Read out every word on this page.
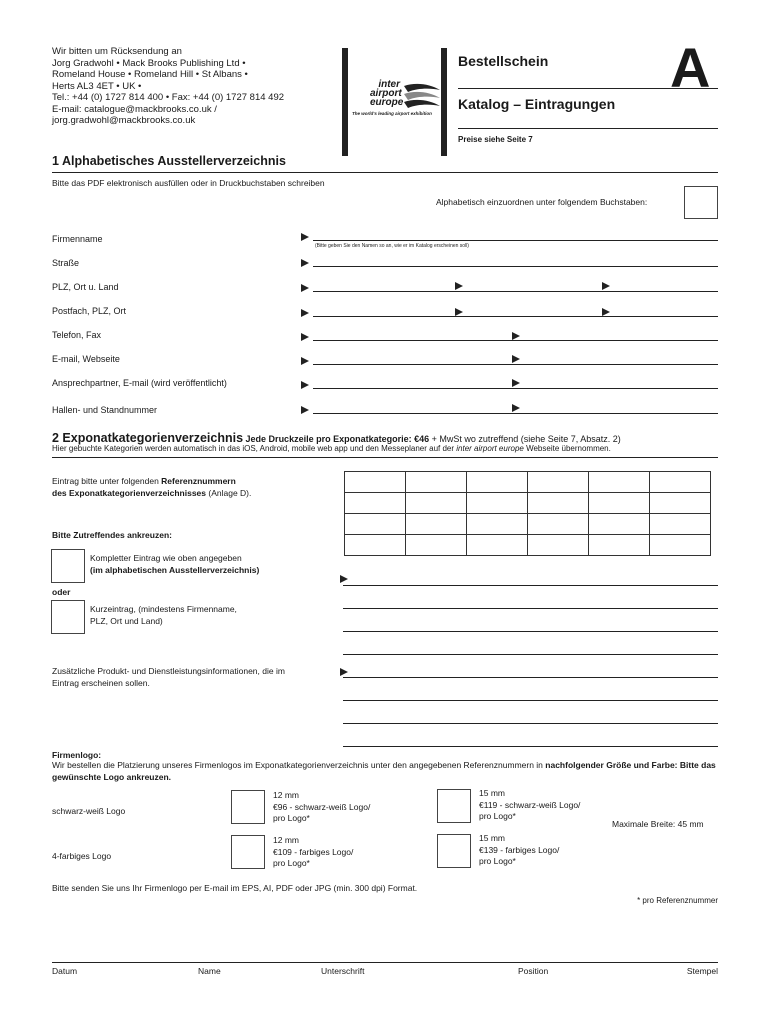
Wir bitten um Rücksendung an
Jorg Gradwohl • Mack Brooks Publishing Ltd •
Romeland House • Romeland Hill • St Albans •
Herts AL3 4ET • UK •
Tel.: +44 (0) 1727 814 400 • Fax: +44 (0) 1727 814 492
E-mail: catalogue@mackbrooks.co.uk /
jorg.gradwohl@mackbrooks.co.uk
inter
airport
europe
The world's leading airport exhibition
Bestellschein A
Katalog – Eintragungen
Preise siehe Seite 7
1 Alphabetisches Ausstellerverzeichnis
Bitte das PDF elektronisch ausfüllen oder in Druckbuchstaben schreiben
Alphabetisch einzuordnen unter folgendem Buchstaben:
Firmenname
(Bitte geben Sie den Namen so an, wie er im Katalog erscheinen soll)
Straße
PLZ, Ort u. Land
Postfach, PLZ, Ort
Telefon, Fax
E-mail, Webseite
Ansprechpartner, E-mail (wird veröffentlicht)
Hallen- und Standnummer
2 Exponatkategorienverzeichnis Jede Druckzeile pro Exponatkategorie: €46 + MwSt wo zutreffend (siehe Seite 7, Absatz. 2)
Hier gebuchte Kategorien werden automatisch in das iOS, Android, mobile web app und den Messeplaner auf der inter airport europe Webseite übernommen.
Eintrag bitte unter folgenden Referenznummern
des Exponatkategorienverzeichnisses (Anlage D).

Bitte Zutreffendes ankreuzen:
Kompletter Eintrag wie oben angegeben
(im alphabetischen Ausstellerverzeichnis)
oder
Kurzeintrag, (mindestens Firmenname,
PLZ, Ort und Land)
Zusätzliche Produkt- und Dienstleistungsinformationen, die im
Eintrag erscheinen sollen.
Firmenlogo:
Wir bestellen die Platzierung unseres Firmenlogos im Exponatkategorienverzeichnis unter den angegebenen Referenznummern in nachfolgender Größe und Farbe: Bitte das gewünschte Logo ankreuzen.
schwarz-weiß Logo
12 mm
€96 - schwarz-weiß Logo/
pro Logo*
15 mm
€119 - schwarz-weiß Logo/
pro Logo*
Maximale Breite: 45 mm
4-farbiges Logo
12 mm
€109 - farbiges Logo/
pro Logo*
15 mm
€139 - farbiges Logo/
pro Logo*
Bitte senden Sie uns Ihr Firmenlogo per E-mail im EPS, AI, PDF oder JPG (min. 300 dpi) Format.
* pro Referenznummer
Datum	Name	Unterschrift	Position	Stempel
